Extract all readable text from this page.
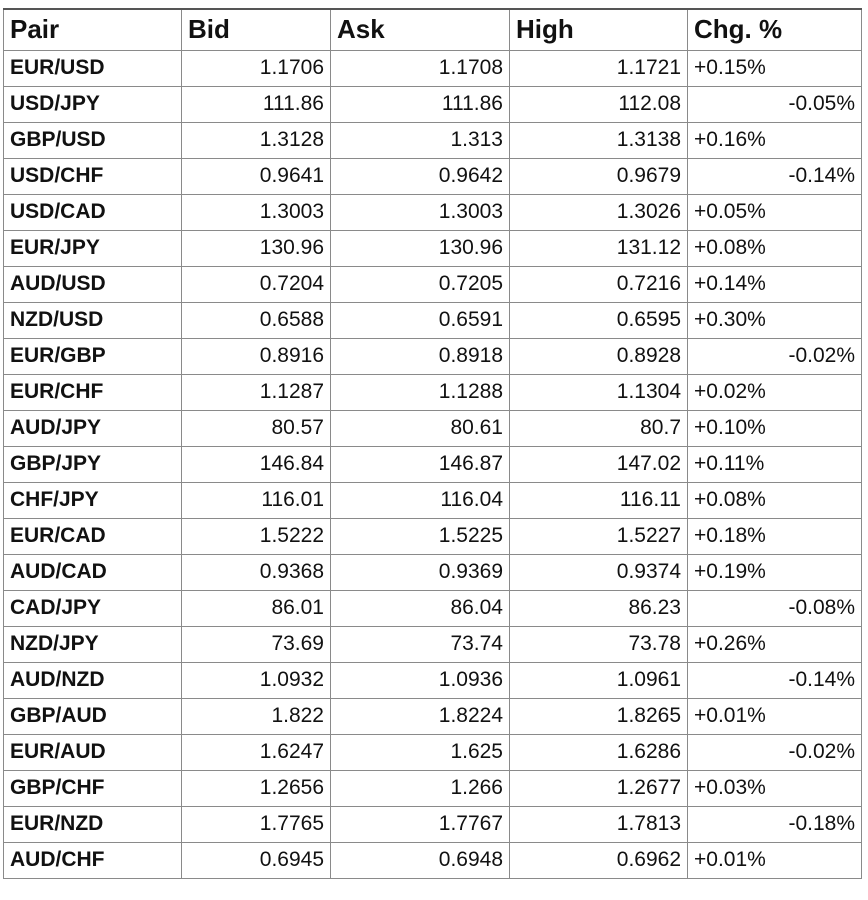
Pair	Bid	Ask	High	Chg. %
EUR/USD	1.1706	1.1708	1.1721	+0.15%
USD/JPY	111.86	111.86	112.08	-0.05%
GBP/USD	1.3128	1.313	1.3138	+0.16%
USD/CHF	0.9641	0.9642	0.9679	-0.14%
USD/CAD	1.3003	1.3003	1.3026	+0.05%
EUR/JPY	130.96	130.96	131.12	+0.08%
AUD/USD	0.7204	0.7205	0.7216	+0.14%
NZD/USD	0.6588	0.6591	0.6595	+0.30%
EUR/GBP	0.8916	0.8918	0.8928	-0.02%
EUR/CHF	1.1287	1.1288	1.1304	+0.02%
AUD/JPY	80.57	80.61	80.7	+0.10%
GBP/JPY	146.84	146.87	147.02	+0.11%
CHF/JPY	116.01	116.04	116.11	+0.08%
EUR/CAD	1.5222	1.5225	1.5227	+0.18%
AUD/CAD	0.9368	0.9369	0.9374	+0.19%
CAD/JPY	86.01	86.04	86.23	-0.08%
NZD/JPY	73.69	73.74	73.78	+0.26%
AUD/NZD	1.0932	1.0936	1.0961	-0.14%
GBP/AUD	1.822	1.8224	1.8265	+0.01%
EUR/AUD	1.6247	1.625	1.6286	-0.02%
GBP/CHF	1.2656	1.266	1.2677	+0.03%
EUR/NZD	1.7765	1.7767	1.7813	-0.18%
AUD/CHF	0.6945	0.6948	0.6962	+0.01%
